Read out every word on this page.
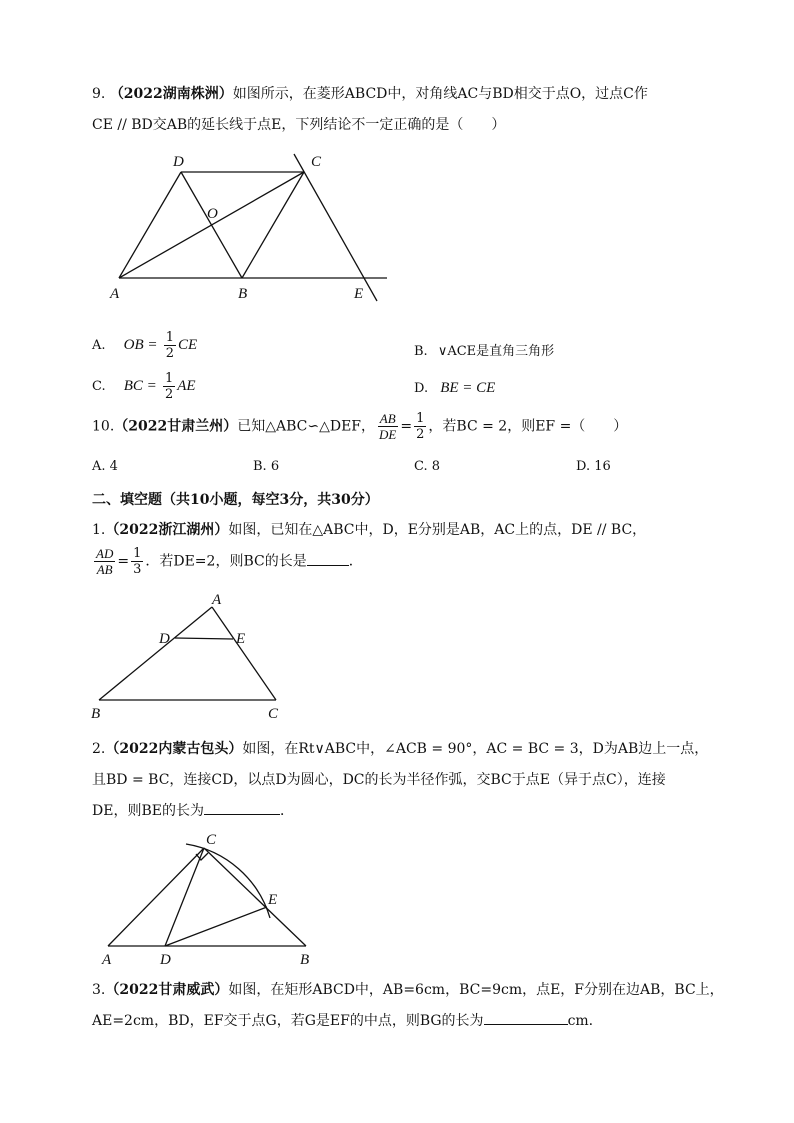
9. （2022湖南株洲）如图所示，在菱形ABCD中，对角线AC与BD相交于点O，过点C作
CE // BD交AB的延长线于点E，下列结论不一定正确的是（　　）
D	C
O
A	B	E
A. OB = $\frac{1}{2}$ CE	B. ∨ACE是直角三角形
C. BC = $\frac{1}{2}$ AE	D. BE = CE
10.（2022甘肃兰州）已知△ABC∽△DEF， $\frac{AB}{DE} = \frac{1}{2}$ ，若BC = 2，则EF =（　　）
A. 4	B. 6	C. 8	D. 16
二、填空题（共10小题，每空3分，共30分）
1.（2022浙江湖州）如图，已知在△ABC中，D，E分别是AB，AC上的点，DE // BC，
$\frac{AD}{AB} = \frac{1}{3}$ ．若DE=2，则BC的长是	．
A
D	E
B	C
2.（2022内蒙古包头）如图，在Rt∨ABC中，∠ACB = 90°，AC = BC = 3，D为AB边上一点，
且BD = BC，连接CD，以点D为圆心，DC的长为半径作弧，交BC于点E（异于点C），连接
DE，则BE的长为	．
C
E
A	D	B
3.（2022甘肃威武）如图，在矩形ABCD中，AB=6cm，BC=9cm，点E，F分别在边AB，BC上，
AE=2cm，BD，EF交于点G，若G是EF的中点，则BG的长为	cm.
